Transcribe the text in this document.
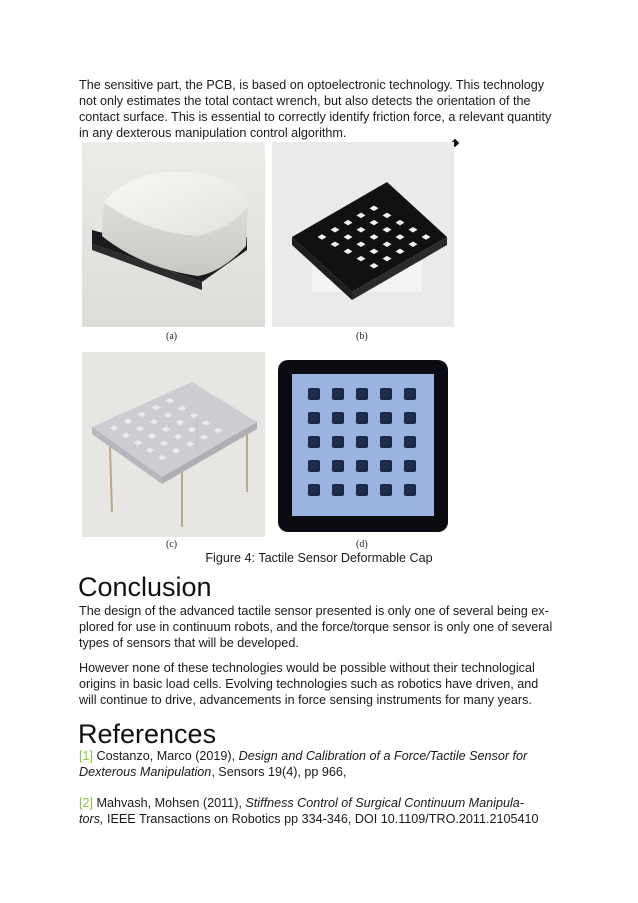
The sensitive part, the PCB, is based on optoelectronic technology. This technology
not only estimates the total contact wrench, but also detects the orientation of the
contact surface. This is essential to correctly identify friction force, a relevant quantity
in any dexterous manipulation control algorithm.

(a)	(b)
(c)	(d)

Figure 4: Tactile Sensor Deformable Cap

Conclusion

The design of the advanced tactile sensor presented is only one of several being ex-
plored for use in continuum robots, and the force/torque sensor is only one of several
types of sensors that will be developed.

However none of these technologies would be possible without their technological
origins in basic load cells. Evolving technologies such as robotics have driven, and
will continue to drive, advancements in force sensing instruments for many years.

References

[1] Costanzo, Marco (2019), Design and Calibration of a Force/Tactile Sensor for
Dexterous Manipulation, Sensors 19(4), pp 966,

[2] Mahvash, Mohsen (2011), Stiffness Control of Surgical Continuum Manipula-
tors, IEEE Transactions on Robotics pp 334-346, DOI 10.1109/TRO.2011.2105410
